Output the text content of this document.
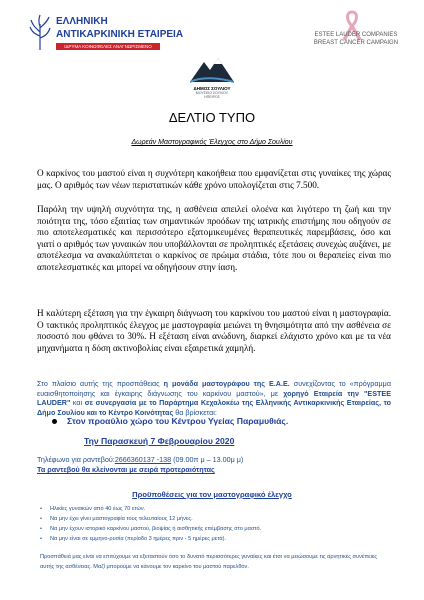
ΕΛΛΗΝΙΚΗ
ΑΝΤΙΚΑΡΚΙΝΙΚΗ ΕΤΑΙΡΕΙΑ
ΙΔΡΥΜΑ ΚΟΙΝΩΦΕΛΕΣ ΑΝΑΓΝΩΡΙΣΜΕΝΟ
ESTEE LAUDER COMPANIES
BREAST CANCER CAMPAIGN
ΔΗΜΟΣ ΣΟΥΛΙΟΥ
ΜΟΥΣΕΙΟ ΣΟΥΛΙΟΥ
ΗΠΕΙΡΟΣ
ΔΕΛΤΙΟ ΤΥΠΟ
Δωρεάν Μαστογραφικός Έλεγχος στο Δήμο Σουλίου
Ο καρκίνος του μαστού είναι η συχνότερη κακοήθεια που εμφανίζεται στις γυναίκες της χώρας μας. Ο αριθμός των νέων περιστατικών κάθε χρόνο υπολογίζεται στις 7.500.
Παρόλη την υψηλή συχνότητα της, η ασθένεια απειλεί ολοένα και λιγότερο τη ζωή και την ποιότητα της, τόσο εξαιτίας των σημαντικών προόδων της ιατρικής επιστήμης που οδηγούν σε πιο αποτελεσματικές και περισσότερο εξατομικευμένες θεραπευτικές παρεμβάσεις, όσο και γιατί ο αριθμός των γυναικών που υποβάλλονται σε προληπτικές εξετάσεις συνεχώς αυξάνει, με αποτέλεσμα να ανακαλύπτεται ο καρκίνος σε πρώιμα στάδια, τότε που οι θεραπείες είναι πιο αποτελεσματικές και μπορεί να οδηγήσουν στην ίαση.
Η καλύτερη εξέταση για την έγκαιρη διάγνωση του καρκίνου του μαστού είναι η μαστογραφία. Ο τακτικός προληπτικός έλεγχος με μαστογραφία μειώνει τη θνησιμότητα από την ασθένεια σε ποσοστό που φθάνει το 30%. Η εξέταση είναι ανώδυνη, διαρκεί ελάχιστο χρόνο και με τα νέα μηχανήματα η δόση ακτινοβολίας είναι εξαιρετικά χαμηλή.
Στο πλαίσιο αυτής της προσπάθειας η μονάδα μαστογράφου της Ε.Α.Ε. συνεχίζοντας το «πρόγραμμα ευαισθητοποίησης και έγκαιρης διάγνωσης του καρκίνου μαστού», με χορηγό Εταιρεία την "ESTEE LAUDER" και σε συνεργασία με το Παράρτημα Κεχαλοκέω της Ελληνικής Αντικαρκινικής Εταιρείας, το Δήμο Σουλίου και το Κέντρο Κοινότητας θα βρίσκεται:
Στον προαύλιο χώρο του Κέντρου Υγείας Παραμυθιάς.
Την Παρασκευή 7 Φεβρουαρίου 2020
Τηλέφωνο για ραντεβού:2666360137 -138 (09.00π μ – 13.00μ μ)
Τα ραντεβού θα κλείνονται με σειρά προτεραιότητας
Προϋποθέσεις για τον μαστογραφικό έλεγχο
• Ηλικίες γυναικών από 40 έως 70 ετών.
• Να μην έχει γίνει μαστογραφία τους τελευταίους 12 μήνες.
• Να μην έχουν ιστορικό καρκίνου μαστού, βιοψίας ή αισθητικής επέμβασης στο μαστό.
• Να μην είναι σε εμμηνο-ρυσία (περίοδο 3 ημέρες πριν - 5 ημέρες μετά).
Προσπάθειά μας είναι να επιτύχουμε να εξεταστούν όσο το δυνατό περισσότερες γυναίκες και έτσι να μειώσουμε τις αρνητικές συνέπειες αυτής της ασθένειας. Μαζί μπορούμε να κάνουμε τον καρκίνο του μαστού παρελθόν.
